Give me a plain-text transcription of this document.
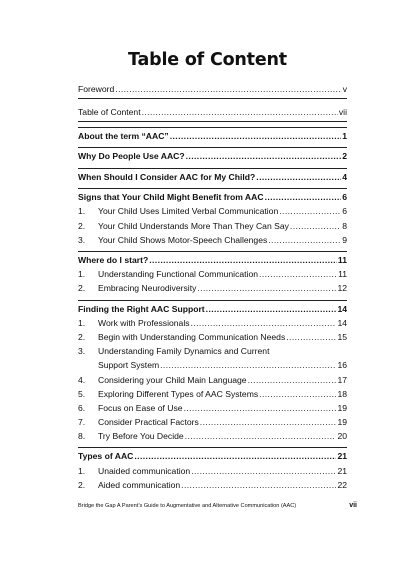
Table of Content
Foreword .....	v
Table of Content .....	vii
About the term “AAC” .....	1
Why Do People Use AAC? .....	2
When Should I Consider AAC for My Child? .....	4
Signs that Your Child Might Benefit from AAC .....	6
1.	Your Child Uses Limited Verbal Communication .....	6
2.	Your Child Understands More Than They Can Say .....	8
3.	Your Child Shows Motor-Speech Challenges .....	9
Where do I start? .....	11
1.	Understanding Functional Communication .....	11
2.	Embracing Neurodiversity .....	12
Finding the Right AAC Support .....	14
1.	Work with Professionals .....	14
2.	Begin with Understanding Communication Needs .....	15
3.	Understanding Family Dynamics and Current
Support System .....	16
4.	Considering your Child Main Language .....	17
5.	Exploring Different Types of AAC Systems .....	18
6.	Focus on Ease of Use .....	19
7.	Consider Practical Factors .....	19
8.	Try Before You Decide .....	20
Types of AAC .....	21
1.	Unaided communication .....	21
2.	Aided communication .....	22
Bridge the Gap A Parent’s Guide to Augmentative and Alternative Communication (AAC)	vii
